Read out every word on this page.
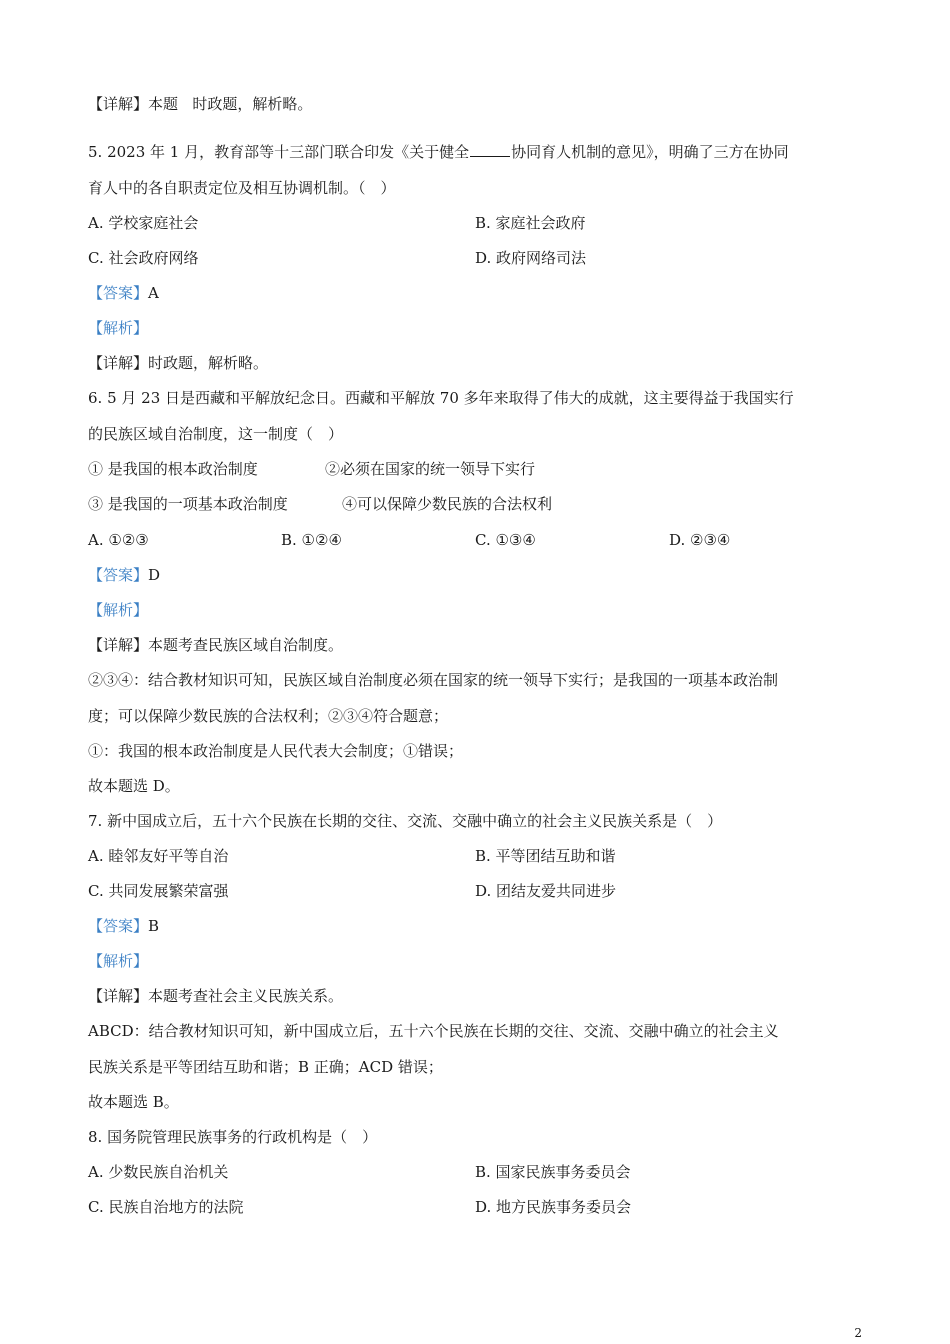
【详解】本题   时政题，解析略。
5. 2023 年 1 月，教育部等十三部门联合印发《关于健全	协同育人机制的意见》，明确了三方在协同
育人中的各自职责定位及相互协调机制。（　）
A. 学校家庭社会	B. 家庭社会政府
C. 社会政府网络	D. 政府网络司法
【答案】A
【解析】
【详解】时政题，解析略。
6. 5 月 23 日是西藏和平解放纪念日。西藏和平解放 70 多年来取得了伟大的成就，这主要得益于我国实行
的民族区域自治制度，这一制度（　）
① 是我国的根本政治制度	②必须在国家的统一领导下实行
③ 是我国的一项基本政治制度	④可以保障少数民族的合法权利
A. ①②③	B. ①②④	C. ①③④	D. ②③④
【答案】D
【解析】
【详解】本题考查民族区域自治制度。
②③④：结合教材知识可知，民族区域自治制度必须在国家的统一领导下实行；是我国的一项基本政治制
度；可以保障少数民族的合法权利；②③④符合题意；
①：我国的根本政治制度是人民代表大会制度；①错误；
故本题选 D。
7. 新中国成立后，五十六个民族在长期的交往、交流、交融中确立的社会主义民族关系是（　）
A. 睦邻友好平等自治	B. 平等团结互助和谐
C. 共同发展繁荣富强	D. 团结友爱共同进步
【答案】B
【解析】
【详解】本题考查社会主义民族关系。
ABCD：结合教材知识可知，新中国成立后，五十六个民族在长期的交往、交流、交融中确立的社会主义
民族关系是平等团结互助和谐；B 正确；ACD 错误；
故本题选 B。
8. 国务院管理民族事务的行政机构是（　）
A. 少数民族自治机关	B. 国家民族事务委员会
C. 民族自治地方的法院	D. 地方民族事务委员会
2
